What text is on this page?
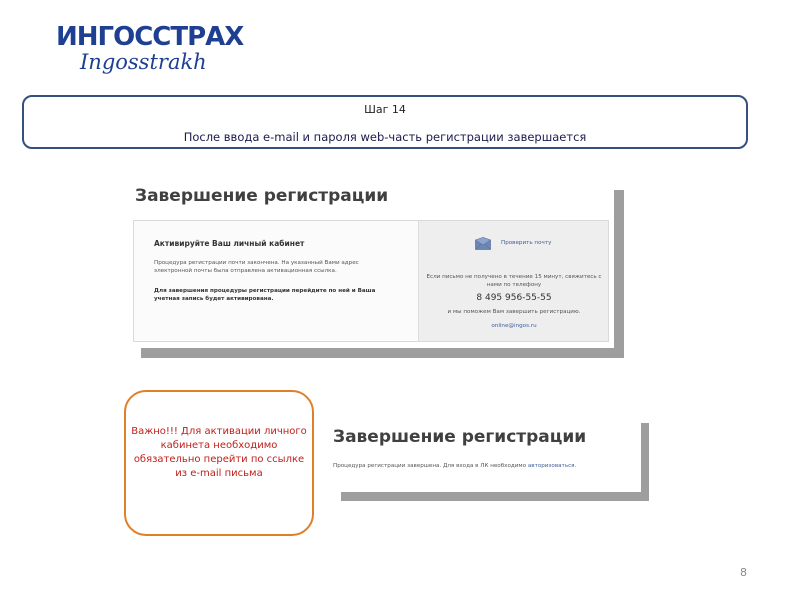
ИНГОССТРАХ
Ingosstrakh
Шаг 14
После ввода e-mail и пароля web-часть регистрации завершается
Завершение регистрации
Активируйте Ваш личный кабинет
Процедура регистрации почти закончена. На указанный Вами адрес электронной почты была отправлена активационная ссылка.
Для завершения процедуры регистрации перейдите по ней и Ваша учетная запись будет активирована.
Проверить почту
Если письмо не получено в течение 15 минут, свяжитесь с нами по телефону
8 495 956-55-55
и мы поможем Вам завершить регистрацию.
online@ingos.ru
Важно!!! Для активации личного кабинета необходимо обязательно перейти по ссылке из e-mail письма
Завершение регистрации
Процедура регистрации завершена. Для входа в ЛК необходимо авторизоваться.
8
